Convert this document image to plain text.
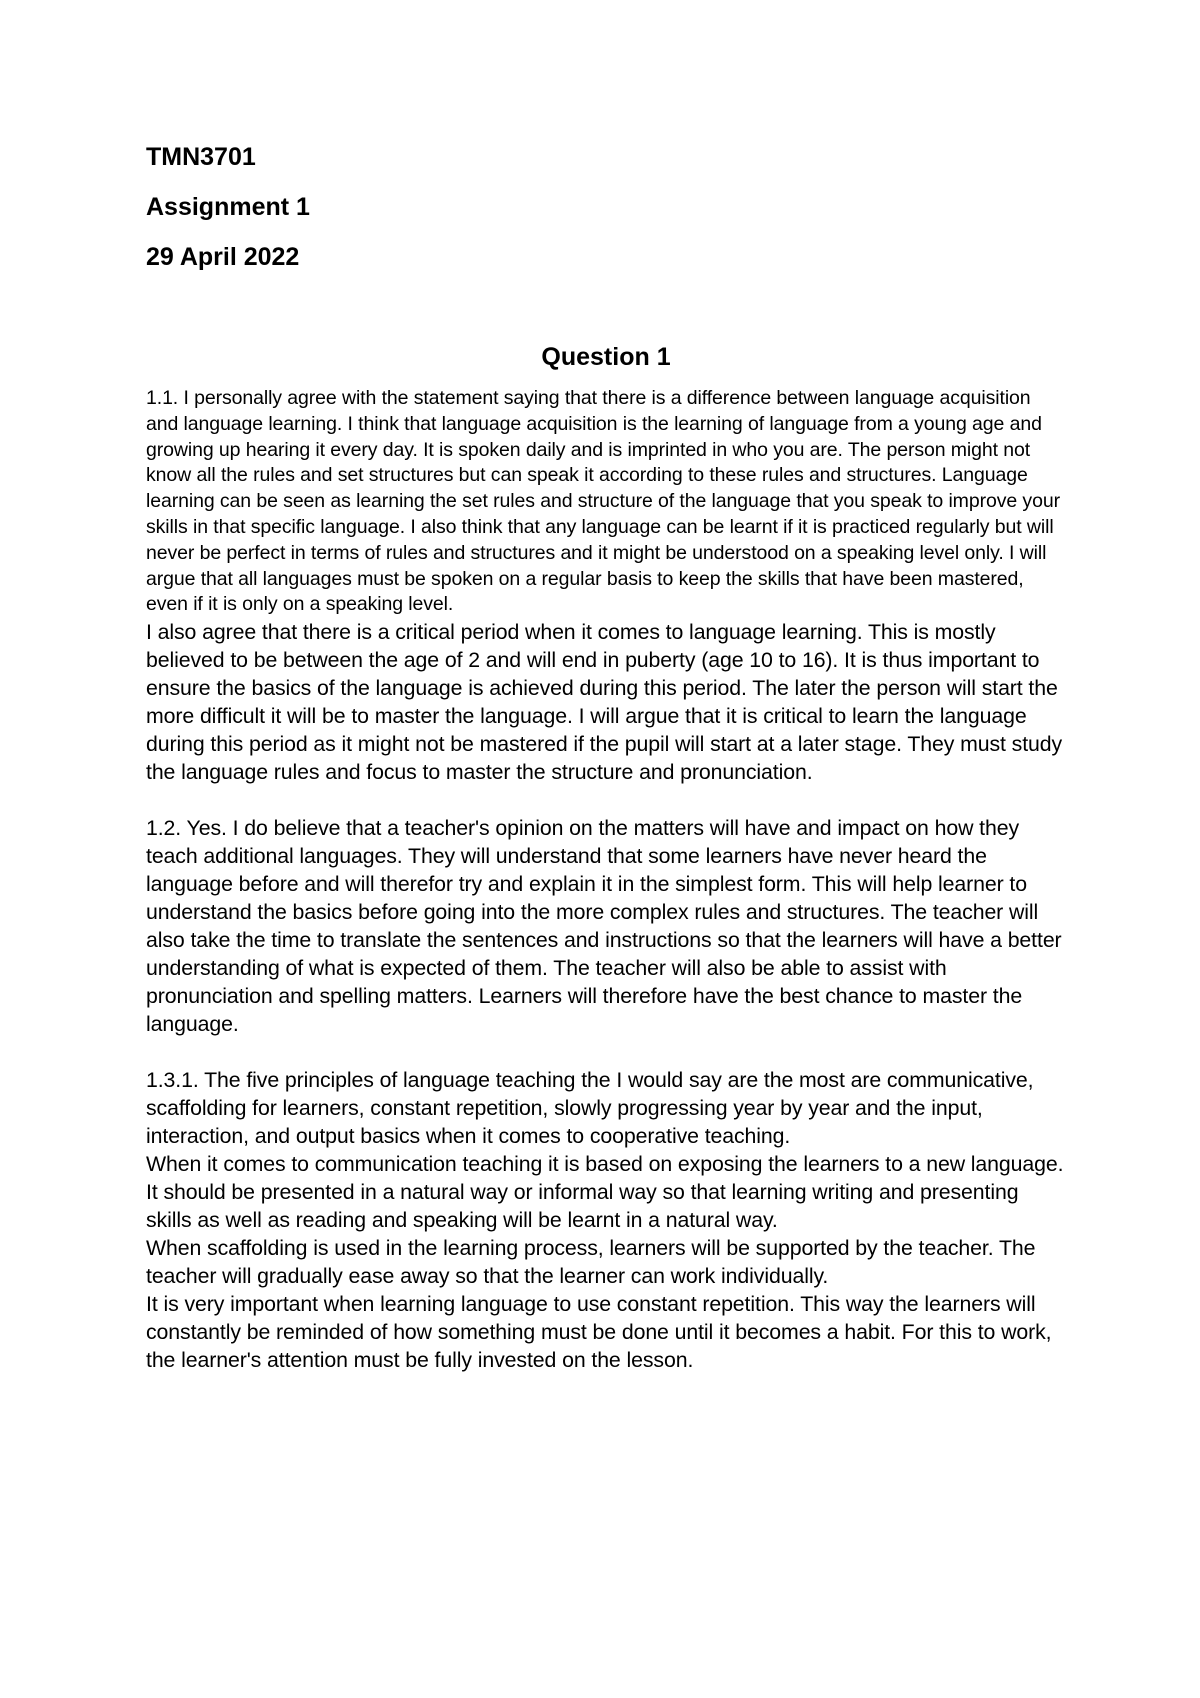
TMN3701

Assignment 1

29 April 2022

Question 1

1.1. I personally agree with the statement saying that there is a difference between language acquisition and language learning. I think that language acquisition is the learning of language from a young age and growing up hearing it every day. It is spoken daily and is imprinted in who you are. The person might not know all the rules and set structures but can speak it according to these rules and structures. Language learning can be seen as learning the set rules and structure of the language that you speak to improve your skills in that specific language. I also think that any language can be learnt if it is practiced regularly but will never be perfect in terms of rules and structures and it might be understood on a speaking level only. I will argue that all languages must be spoken on a regular basis to keep the skills that have been mastered, even if it is only on a speaking level.

I also agree that there is a critical period when it comes to language learning. This is mostly believed to be between the age of 2 and will end in puberty (age 10 to 16). It is thus important to ensure the basics of the language is achieved during this period. The later the person will start the more difficult it will be to master the language. I will argue that it is critical to learn the language during this period as it might not be mastered if the pupil will start at a later stage. They must study the language rules and focus to master the structure and pronunciation.

1.2. Yes. I do believe that a teacher's opinion on the matters will have and impact on how they teach additional languages. They will understand that some learners have never heard the language before and will therefor try and explain it in the simplest form. This will help learner to understand the basics before going into the more complex rules and structures. The teacher will also take the time to translate the sentences and instructions so that the learners will have a better understanding of what is expected of them. The teacher will also be able to assist with pronunciation and spelling matters. Learners will therefore have the best chance to master the language.

1.3.1. The five principles of language teaching the I would say are the most are communicative, scaffolding for learners, constant repetition, slowly progressing year by year and the input, interaction, and output basics when it comes to cooperative teaching.

When it comes to communication teaching it is based on exposing the learners to a new language. It should be presented in a natural way or informal way so that learning writing and presenting skills as well as reading and speaking will be learnt in a natural way.

When scaffolding is used in the learning process, learners will be supported by the teacher. The teacher will gradually ease away so that the learner can work individually.

It is very important when learning language to use constant repetition. This way the learners will constantly be reminded of how something must be done until it becomes a habit. For this to work, the learner's attention must be fully invested on the lesson.
